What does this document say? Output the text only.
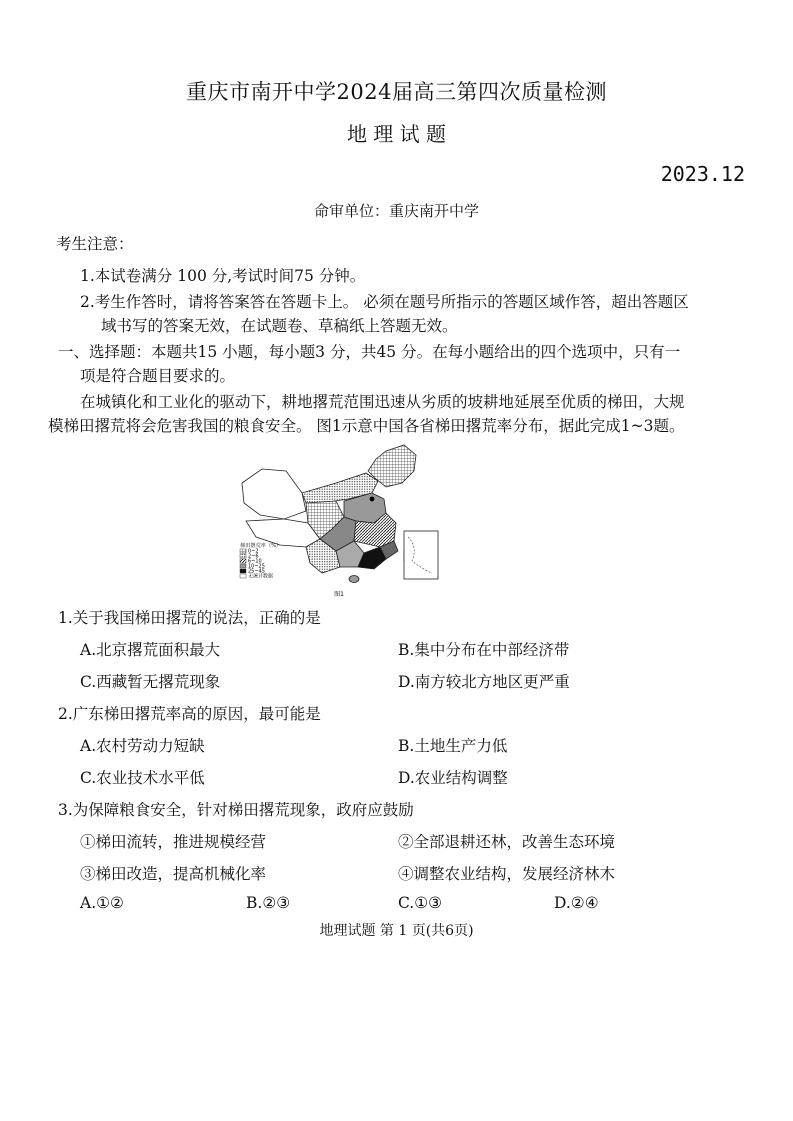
重庆市南开中学2024届高三第四次质量检测
地 理 试 题
2023.12
命审单位：重庆南开中学
考生注意：
1.本试卷满分 100 分,考试时间75 分钟。
2.考生作答时，请将答案答在答题卡上。 必须在题号所指示的答题区域作答，超出答题区
域书写的答案无效，在试题卷、草稿纸上答题无效。
一、选择题：本题共15 小题，每小题3 分，共45 分。在每小题给出的四个选项中，只有一
项是符合题目要求的。
在城镇化和工业化的驱动下，耕地撂荒范围迅速从劣质的坡耕地延展至优质的梯田，大规
模梯田撂荒将会危害我国的粮食安全。 图1示意中国各省梯田撂荒率分布，据此完成1~3题。
梯田撂荒率（%）
0~2
2~6
6~10
10~25
25~45
无统计数据
图1
1.关于我国梯田撂荒的说法，正确的是
A.北京撂荒面积最大	B.集中分布在中部经济带
C.西藏暂无撂荒现象	D.南方较北方地区更严重
2.广东梯田撂荒率高的原因，最可能是
A.农村劳动力短缺	B.土地生产力低
C.农业技术水平低	D.农业结构调整
3.为保障粮食安全，针对梯田撂荒现象，政府应鼓励
①梯田流转，推进规模经营	②全部退耕还林，改善生态环境
③梯田改造，提高机械化率	④调整农业结构，发展经济林木
A.①②	B.②③	C.①③	D.②④
地理试题 第 1 页(共6页)
